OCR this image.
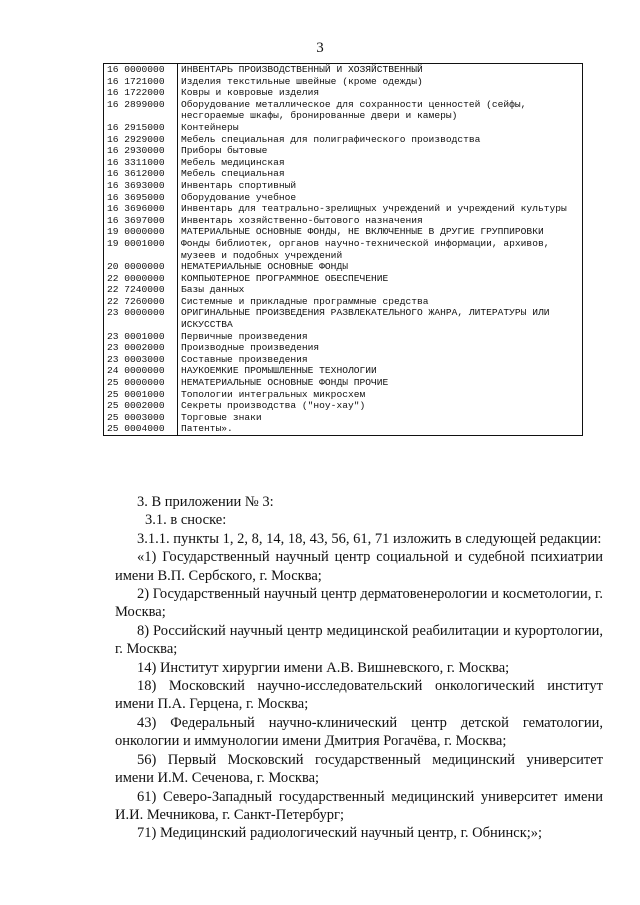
3
16 0000000	ИНВЕНТАРЬ ПРОИЗВОДСТВЕННЫЙ И ХОЗЯЙСТВЕННЫЙ
16 1721000	Изделия текстильные швейные (кроме одежды)
16 1722000	Ковры и ковровые изделия
16 2899000	Оборудование металлическое для сохранности ценностей (сейфы, несгораемые шкафы, бронированные двери и камеры)
16 2915000	Контейнеры
16 2929000	Мебель специальная для полиграфического производства
16 2930000	Приборы бытовые
16 3311000	Мебель медицинская
16 3612000	Мебель специальная
16 3693000	Инвентарь спортивный
16 3695000	Оборудование учебное
16 3696000	Инвентарь для театрально-зрелищных учреждений и учреждений культуры
16 3697000	Инвентарь хозяйственно-бытового назначения
19 0000000	МАТЕРИАЛЬНЫЕ ОСНОВНЫЕ ФОНДЫ, НЕ ВКЛЮЧЕННЫЕ В ДРУГИЕ ГРУППИРОВКИ
19 0001000	Фонды библиотек, органов научно-технической информации, архивов, музеев и подобных учреждений
20 0000000	НЕМАТЕРИАЛЬНЫЕ ОСНОВНЫЕ ФОНДЫ
22 0000000	КОМПЬЮТЕРНОЕ ПРОГРАММНОЕ ОБЕСПЕЧЕНИЕ
22 7240000	Базы данных
22 7260000	Системные и прикладные программные средства
23 0000000	ОРИГИНАЛЬНЫЕ ПРОИЗВЕДЕНИЯ РАЗВЛЕКАТЕЛЬНОГО ЖАНРА, ЛИТЕРАТУРЫ ИЛИ ИСКУССТВА
23 0001000	Первичные произведения
23 0002000	Производные произведения
23 0003000	Составные произведения
24 0000000	НАУКОЕМКИЕ ПРОМЫШЛЕННЫЕ ТЕХНОЛОГИИ
25 0000000	НЕМАТЕРИАЛЬНЫЕ ОСНОВНЫЕ ФОНДЫ ПРОЧИЕ
25 0001000	Топологии интегральных микросхем
25 0002000	Секреты производства ("ноу-хау")
25 0003000	Торговые знаки
25 0004000	Патенты».

3. В приложении № 3:

3.1. в сноске:

3.1.1. пункты 1, 2, 8, 14, 18, 43, 56, 61, 71 изложить в следующей редакции:

«1) Государственный научный центр социальной и судебной психиатрии имени В.П. Сербского, г. Москва;

2) Государственный научный центр дерматовенерологии и косметологии, г. Москва;

8) Российский научный центр медицинской реабилитации и курортологии, г. Москва;

14) Институт хирургии имени А.В. Вишневского, г. Москва;

18) Московский научно-исследовательский онкологический институт имени П.А. Герцена, г. Москва;

43) Федеральный научно-клинический центр детской гематологии, онкологии и иммунологии имени Дмитрия Рогачёва, г. Москва;

56) Первый Московский государственный медицинский университет имени И.М. Сеченова, г. Москва;

61) Северо-Западный государственный медицинский университет имени И.И. Мечникова, г. Санкт-Петербург;

71) Медицинский радиологический научный центр, г. Обнинск;»;
